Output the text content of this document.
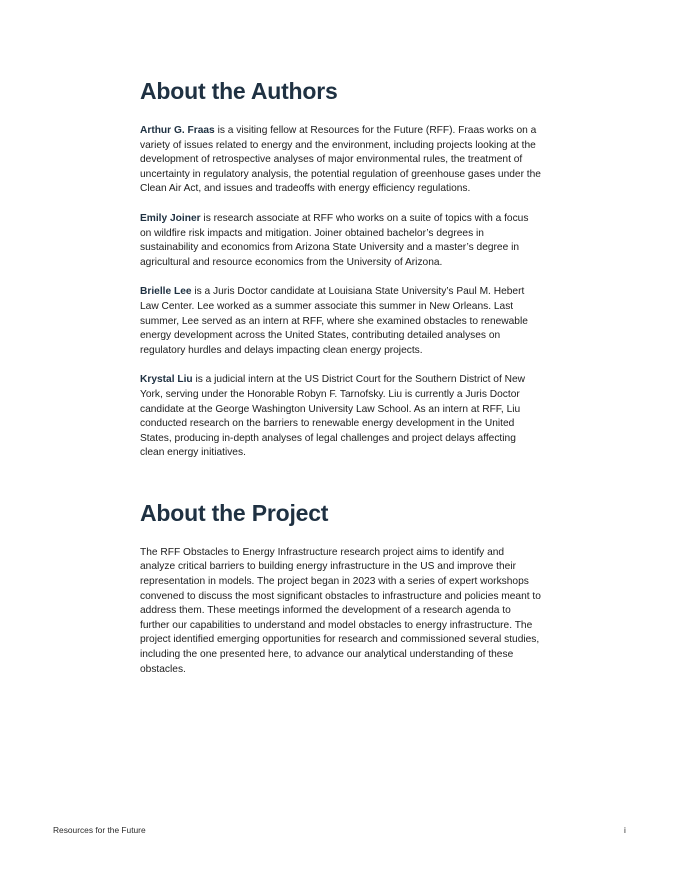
About the Authors

Arthur G. Fraas is a visiting fellow at Resources for the Future (RFF). Fraas works on a variety of issues related to energy and the environment, including projects looking at the development of retrospective analyses of major environmental rules, the treatment of uncertainty in regulatory analysis, the potential regulation of greenhouse gases under the Clean Air Act, and issues and tradeoffs with energy efficiency regulations.

Emily Joiner is research associate at RFF who works on a suite of topics with a focus on wildfire risk impacts and mitigation. Joiner obtained bachelor’s degrees in sustainability and economics from Arizona State University and a master’s degree in agricultural and resource economics from the University of Arizona.

Brielle Lee is a Juris Doctor candidate at Louisiana State University’s Paul M. Hebert Law Center. Lee worked as a summer associate this summer in New Orleans. Last summer, Lee served as an intern at RFF, where she examined obstacles to renewable energy development across the United States, contributing detailed analyses on regulatory hurdles and delays impacting clean energy projects.

Krystal Liu is a judicial intern at the US District Court for the Southern District of New York, serving under the Honorable Robyn F. Tarnofsky. Liu is currently a Juris Doctor candidate at the George Washington University Law School. As an intern at RFF, Liu conducted research on the barriers to renewable energy development in the United States, producing in-depth analyses of legal challenges and project delays affecting clean energy initiatives.

About the Project

The RFF Obstacles to Energy Infrastructure research project aims to identify and analyze critical barriers to building energy infrastructure in the US and improve their representation in models. The project began in 2023 with a series of expert workshops convened to discuss the most significant obstacles to infrastructure and policies meant to address them. These meetings informed the development of a research agenda to further our capabilities to understand and model obstacles to energy infrastructure. The project identified emerging opportunities for research and commissioned several studies, including the one presented here, to advance our analytical understanding of these obstacles.

Resources for the Future	i
